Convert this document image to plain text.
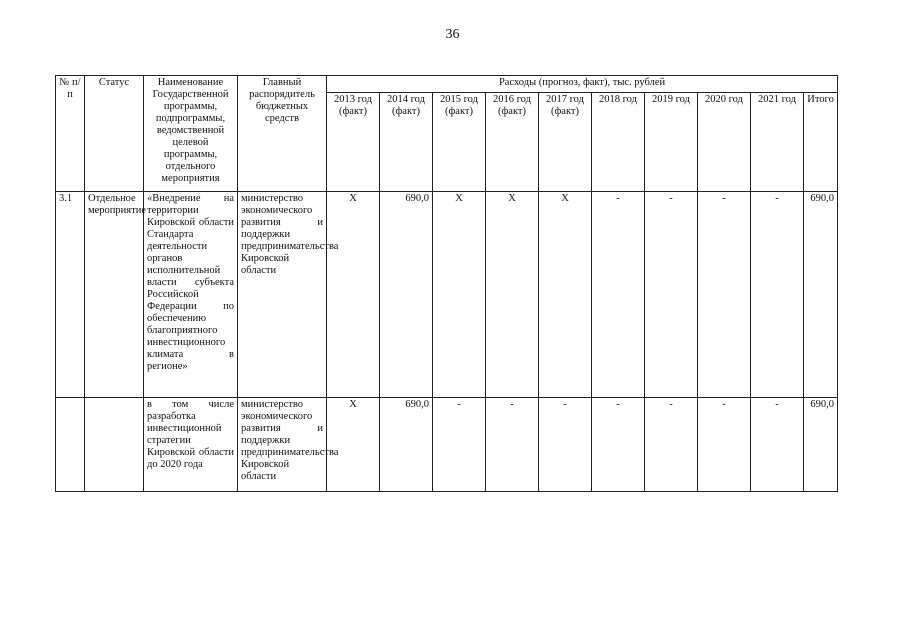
36
№ п/п	Статус	Наименование Государственной программы, подпрограммы, ведомственной целевой программы, отдельного мероприятия	Главный распорядитель бюджетных средств	Расходы (прогноз, факт), тыс. рублей									
				2013 год (факт)	2014 год (факт)	2015 год (факт)	2016 год (факт)	2017 год (факт)	2018 год	2019 год	2020 год	2021 год	Итого
3.1	Отдельное мероприятие	«Внедрение на территории Кировской области Стандарта деятельности органов исполнительной власти субъекта Российской Федерации по обеспечению благоприятного инвестиционного климата в регионе»	министерство экономического развития и поддержки предпринимательства Кировской области	Х	690,0	Х	Х	Х	-	-	-	-	690,0
		в том числе разработка инвестиционной стратегии Кировской области до 2020 года	министерство экономического развития и поддержки предпринимательства Кировской области	Х	690,0	-	-	-	-	-	-	-	690,0
